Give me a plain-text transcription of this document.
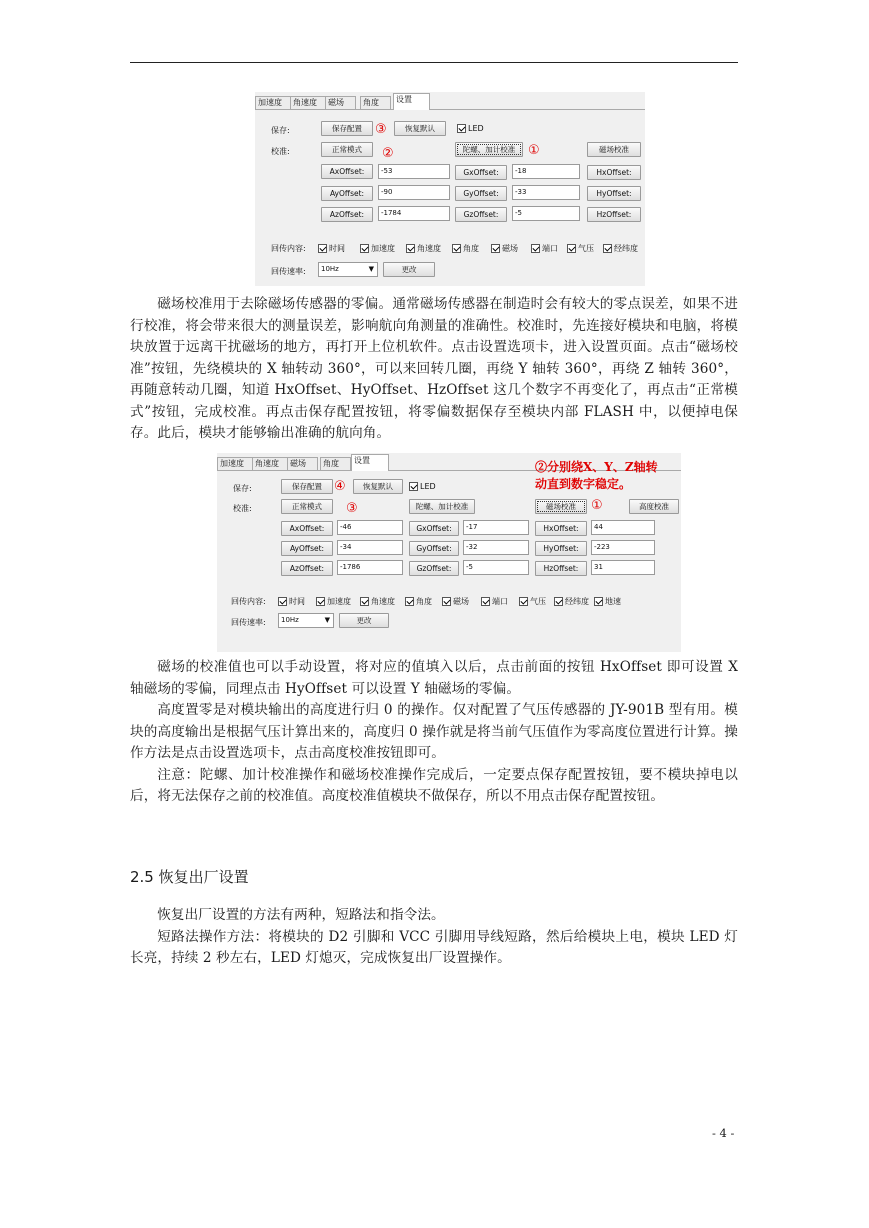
加速度	角速度	磁场	角度	设置
保存:	保存配置	③	恢复默认	LED
校准:	正常模式	②	陀螺、加计校准 ①	磁场校准
AxOffset:	-53	GxOffset:	-18	HxOffset:
AyOffset:	-90	GyOffset:	-33	HyOffset:
AzOffset:	-1784	GzOffset:	-5	HzOffset:
回传内容:	时间	加速度	角速度	角度	磁场	端口	气压	经纬度
回传速率:	10Hz	▼	更改

磁场校准用于去除磁场传感器的零偏。通常磁场传感器在制造时会有较大的零点误差，如果不进行校准，将会带来很大的测量误差，影响航向角测量的准确性。校准时，先连接好模块和电脑，将模块放置于远离干扰磁场的地方，再打开上位机软件。点击设置选项卡，进入设置页面。点击“磁场校准”按钮，先绕模块的 X 轴转动 360°，可以来回转几圈，再绕 Y 轴转 360°，再绕 Z 轴转 360°，再随意转动几圈，知道 HxOffset、HyOffset、HzOffset 这几个数字不再变化了，再点击“正常模式”按钮，完成校准。再点击保存配置按钮，将零偏数据保存至模块内部 FLASH 中，以便掉电保存。此后，模块才能够输出准确的航向角。

加速度	角速度	磁场	角度	设置	②分别绕X、Y、Z轴转
动直到数字稳定。
保存:	保存配置 ④	恢复默认	LED
校准:	正常模式	③	陀螺、加计校准	磁场校准	①	高度校准
AxOffset:	-46	GxOffset:	-17	HxOffset:	44
AyOffset:	-34	GyOffset:	-32	HyOffset:	-223
AzOffset:	-1786	GzOffset:	-5	HzOffset:	31
回传内容:	时间	加速度	角速度	角度	磁场	端口	气压 经纬度 地速
回传速率:	10Hz	▼	更改

磁场的校准值也可以手动设置，将对应的值填入以后，点击前面的按钮 HxOffset 即可设置 X 轴磁场的零偏，同理点击 HyOffset 可以设置 Y 轴磁场的零偏。

高度置零是对模块输出的高度进行归 0 的操作。仅对配置了气压传感器的 JY-901B 型有用。模块的高度输出是根据气压计算出来的，高度归 0 操作就是将当前气压值作为零高度位置进行计算。操作方法是点击设置选项卡，点击高度校准按钮即可。

注意：陀螺、加计校准操作和磁场校准操作完成后，一定要点保存配置按钮，要不模块掉电以后，将无法保存之前的校准值。高度校准值模块不做保存，所以不用点击保存配置按钮。

2.5 恢复出厂设置

恢复出厂设置的方法有两种，短路法和指令法。

短路法操作方法：将模块的 D2 引脚和 VCC 引脚用导线短路，然后给模块上电，模块 LED 灯长亮，持续 2 秒左右，LED 灯熄灭，完成恢复出厂设置操作。

- 4 -
